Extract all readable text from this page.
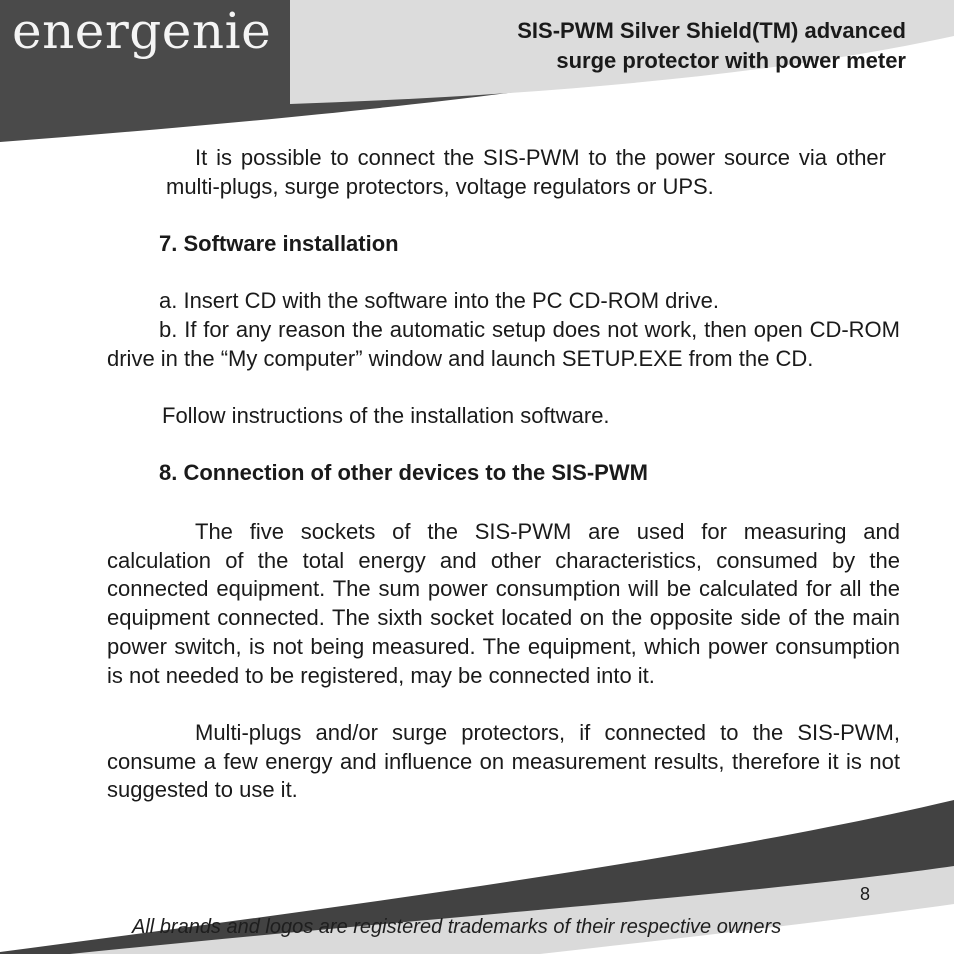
energenie	SIS-PWM Silver Shield(TM) advanced
surge protector with power meter

It is possible to connect the SIS-PWM to the power source via other multi-plugs, surge protectors, voltage regulators or UPS.

7. Software installation

a. Insert CD with the software into the PC CD-ROM drive.

b. If for any reason the automatic setup does not work, then open CD-ROM drive in the “My computer” window and launch SETUP.EXE from the CD.

Follow instructions of the installation software.

8. Connection of other devices to the SIS-PWM

The five sockets of the SIS-PWM are used for measuring and calculation of the total energy and other characteristics, consumed by the connected equipment. The sum power consumption will be calculated for all the equipment connected. The sixth socket located on the opposite side of the main power switch, is not being measured. The equipment, which power consumption is not needed to be registered, may be connected into it.

Multi-plugs and/or surge protectors, if connected to the SIS-PWM, consume a few energy and influence on measurement results, therefore it is not suggested to use it.

8
All brands and logos are registered trademarks of their respective owners
